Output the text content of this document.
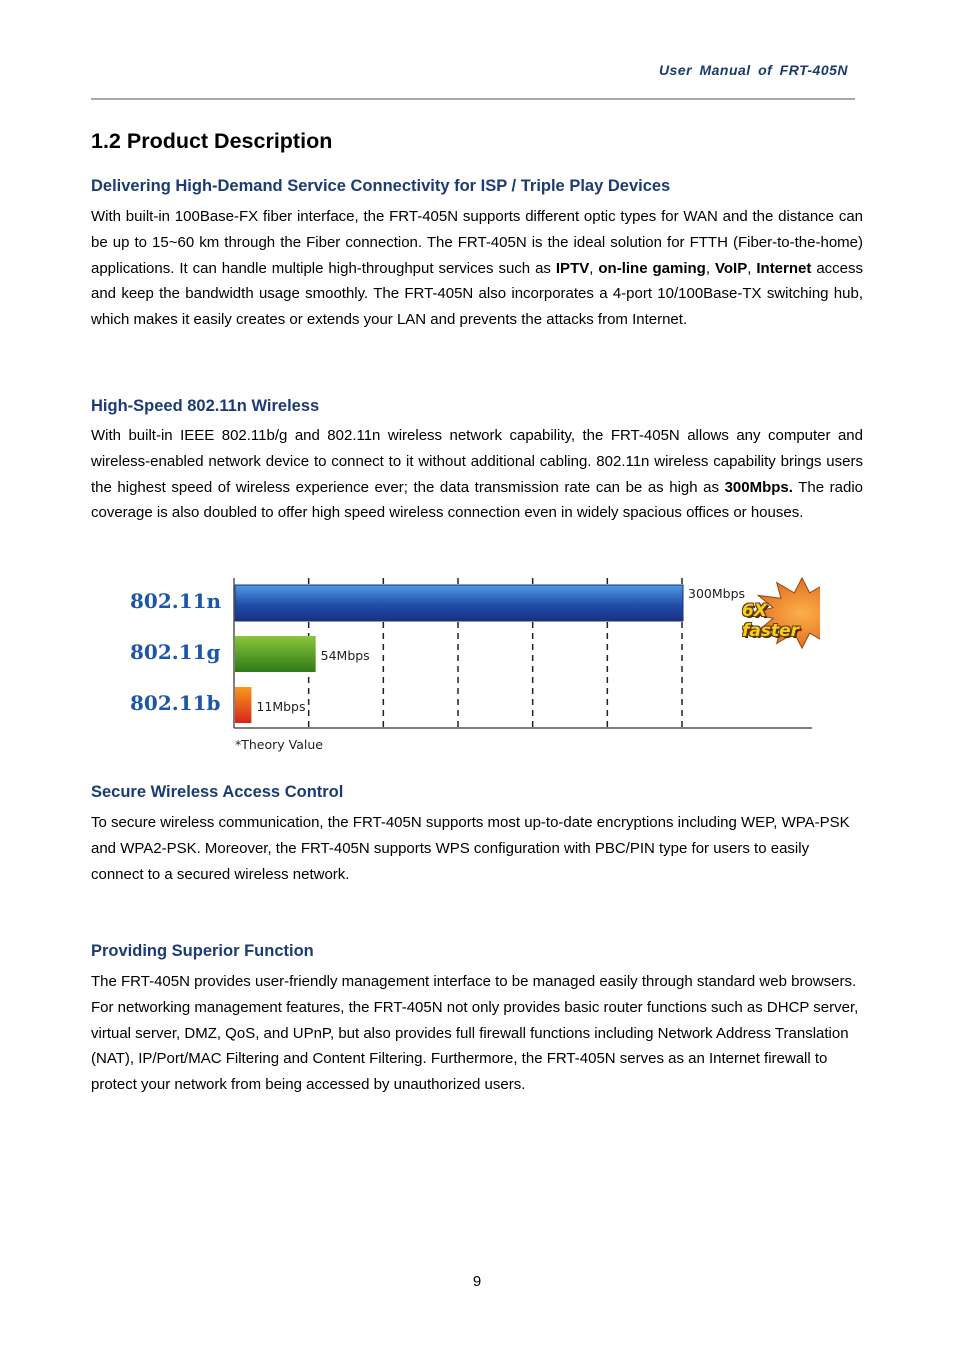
User Manual of FRT-405N
1.2 Product Description
Delivering High-Demand Service Connectivity for ISP / Triple Play Devices

With built-in 100Base-FX fiber interface, the FRT-405N supports different optic types for WAN and the distance can be up to 15~60 km through the Fiber connection. The FRT-405N is the ideal solution for FTTH (Fiber-to-the-home) applications. It can handle multiple high-throughput services such as IPTV, on-line gaming, VoIP, Internet access and keep the bandwidth usage smoothly. The FRT-405N also incorporates a 4-port 10/100Base-TX switching hub, which makes it easily creates or extends your LAN and prevents the attacks from Internet.

High-Speed 802.11n Wireless

With built-in IEEE 802.11b/g and 802.11n wireless network capability, the FRT-405N allows any computer and wireless-enabled network device to connect to it without additional cabling. 802.11n wireless capability brings users the highest speed of wireless experience ever; the data transmission rate can be as high as 300Mbps. The radio coverage is also doubled to offer high speed wireless connection even in widely spacious offices or houses.

802.11n
802.11g
802.11b
300Mbps
54Mbps
11Mbps
*Theory Value
6X faster
Secure Wireless Access Control

To secure wireless communication, the FRT-405N supports most up-to-date encryptions including WEP, WPA-PSK and WPA2-PSK. Moreover, the FRT-405N supports WPS configuration with PBC/PIN type for users to easily connect to a secured wireless network.

Providing Superior Function

The FRT-405N provides user-friendly management interface to be managed easily through standard web browsers. For networking management features, the FRT-405N not only provides basic router functions such as DHCP server, virtual server, DMZ, QoS, and UPnP, but also provides full firewall functions including Network Address Translation (NAT), IP/Port/MAC Filtering and Content Filtering. Furthermore, the FRT-405N serves as an Internet firewall to protect your network from being accessed by unauthorized users.

9
